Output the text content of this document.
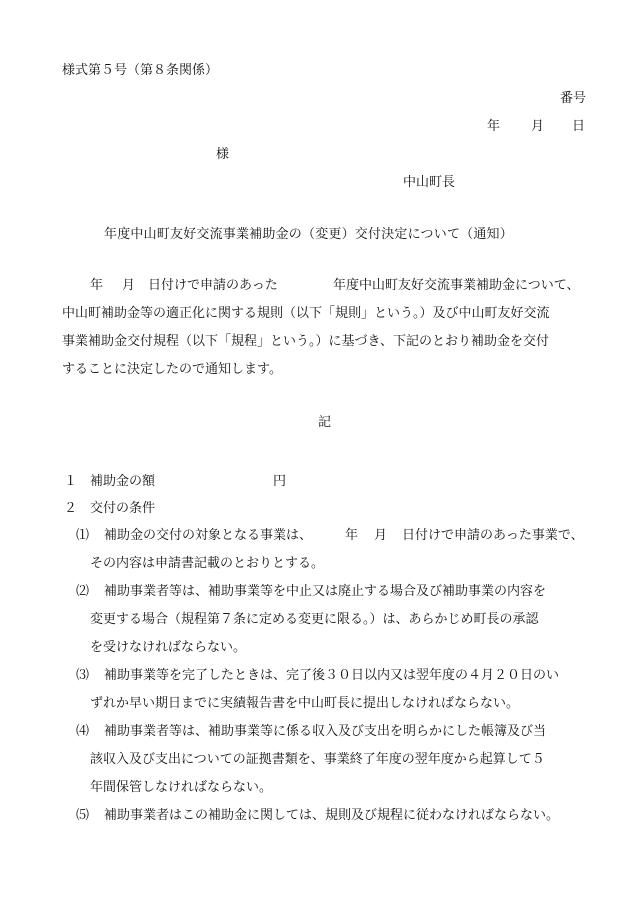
様式第５号（第８条関係）
番号
年 月 日
様
中山町長
年度中山町友好交流事業補助金の（変更）交付決定について（通知）
年 月 日付けで申請のあった	年度中山町友好交流事業補助金について、
中山町補助金等の適正化に関する規則（以下「規則」という。）及び中山町友好交流
事業補助金交付規程（以下「規程」という。）に基づき、下記のとおり補助金を交付
することに決定したので通知します。
記
１ 補助金の額	円
２ 交付の条件
⑴ 補助金の交付の対象となる事業は、	年 月 日付けで申請のあった事業で、
その内容は申請書記載のとおりとする。
⑵ 補助事業者等は、補助事業等を中止又は廃止する場合及び補助事業の内容を
変更する場合（規程第７条に定める変更に限る。）は、あらかじめ町長の承認
を受けなければならない。
⑶ 補助事業等を完了したときは、完了後３０日以内又は翌年度の４月２０日のい
ずれか早い期日までに実績報告書を中山町長に提出しなければならない。
⑷ 補助事業者等は、補助事業等に係る収入及び支出を明らかにした帳簿及び当
該収入及び支出についての証拠書類を、事業終了年度の翌年度から起算して５
年間保管しなければならない。
⑸ 補助事業者はこの補助金に関しては、規則及び規程に従わなければならない。
